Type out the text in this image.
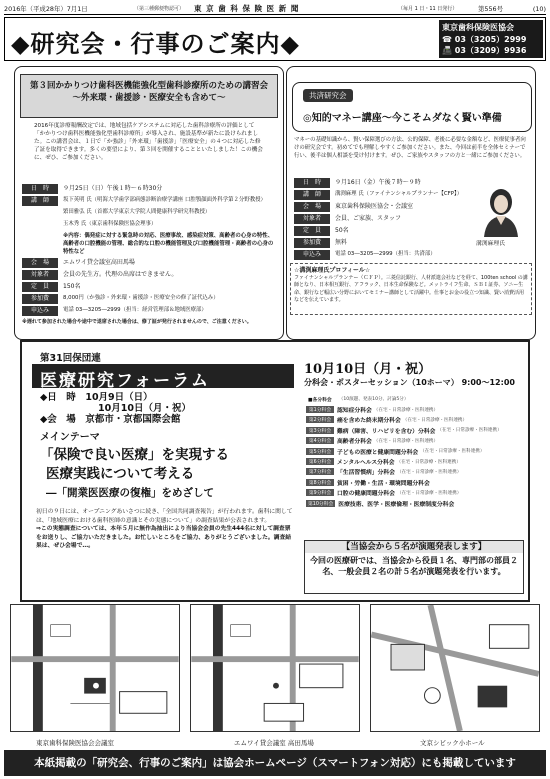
2016年（平成28年）7月1日	（第三種郵便物認可）	東 京 歯 科 保 険 医 新 聞	（毎月 1 日・11 日発行）	第556号	(10)
◆研究会・行事のご案内◆
東京歯科保険医協会
☎ 03（3205）2999
📠 03（3209）9936
第３回かかりつけ歯科医機能強化型歯科診療所のための講習会
～外来環・歯援診・医療安全も含めて～
2016年度診療報酬改定では、地域包括ケアシステムに対応した歯科診療所の評価として「かかりつけ歯科医機能強化型歯科診療所」が導入され、施設基準が新たに設けられました。この講習会は、１日で「か強診」「外来環」「歯援診」「医療安全」の４つに対応した修了証を取得できます。多くの要望により、第３回を開催することといたしました！この機会に、ぜひ、ご参加ください。
日　時	９月25日（日）午後１時～６時30分
講　師	坂下英明 氏（明海大学歯学部病態診断治療学講座 口腔顎顔面外科学第２分野教授）
繁田雅弘 氏（首都大学東京大学院人間健康科学研究科教授）
玉木秀 氏（東京歯科保険医協会理事）
※内容：偶発症に対する緊急時の対応、医療事故、感染症対策、高齢者の心身の特性、高齢者の口腔機能の管理、総合的な口腔の機能管理及び口腔機能管理・高齢者の心身の特性など
会　場	エムワイ貸会議室高田馬場
対象者	会員の先生方。代理の出席はできません。
定　員	150名
参加費	8,000円（か強診・外来環・歯援診・医療安全の修了証代込み）
申込み	電話 03―3205―2999（担当：経営管理部＆地域医療部）
※遅れて参加された場合や途中で退席された場合は、修了証が発行されませんので、ご注意ください。
共済研究会
◎知的マネー講座～今こそムダなく賢い準備
マネーの基礎知識から、賢い保障選びの方法、公的保障、老後に必要な金額など、医療従事者向けの研究会です。初めてでも理解しやすくご参加ください。また、今回は前半を全体セミナーで行い、後半は個人相談を受け付けます。ぜひ、ご家族やスタッフの方と一緒にご参加ください。
日　時	９月16日（金）午後７時～９時
講　師	溝渕麻理 氏（ファイナンシャルプランナー【CFP】）
会　場	東京歯科保険医協会・会議室
対象者	会員、ご家族、スタッフ
定　員	50名
参加費	無料
申込み	電話 03―3205―2999（担当：共済部）
溝渕麻理氏
☆溝渕麻理氏プロフィール☆
ファイナンシャルプランナー（ＣＦＰ）。三菱信託銀行、人材派遣会社などを経て、100ten school の講師となり、日本相互銀行、アフラック、日本生命保険など。メットライフ生命、ＳＢＩ証券、ソニー生命、銀行など幅広い分野においてセミナー講師として活躍中。仕事とお金の役立つ知識、賢い消費活用などを伝えています。
第31回保団連
医療研究フォーラム
◆日　時　 10月9日（日）
10月10日（月・祝）
◆会　場　 京都市・京都国際会館
メインテーマ
「保険で良い医療」を実現する
医療実践について考える
―「開業医医療の復権」をめざして
初日の９日には、オープニングあいさつに続き、「全国共同調査報告」が行われます。歯科に関しては、「地域医療における歯科医師の意識とその実態について」の調査結果が公表されます。
⇒この実態調査については、本年５月に無作為抽出により当協会会員の先生444名に対して調査票をお送りし、ご協力いただきました。お忙しいところをご協力、ありがとうございました。調査結果は、ぜひ会場で…。
10月10日（月・祝）
分科会・ポスターセッション（10ホーマ） 9:00～12:00
■各分科会	（10演題、発表10分、討論5分）
第1分科会	認知症分科会 （在宅・日常診療・医科連携）
第2分科会	癌を含めた終末期分科会 （在宅・日常診療・医科連携）
第3分科会	難病（障害、リハビリを含む）分科会 （在宅・日常診療・医科連携）
第4分科会	高齢者分科会 （在宅・日常診療・医科連携）
第5分科会	子どもの医療と健康問題分科会 （在宅・日常診療・医科連携）
第6分科会	メンタルヘルス分科会 （在宅・日常診療・医科連携）
第7分科会	「生活習慣病」分科会 （在宅・日常診療・医科連携）
第8分科会	貧困・労働・生活・環境問題分科会
第9分科会	口腔の健康問題分科会 （在宅・日常診療・医科連携）
第10分科会 医療技術、医学・医療倫理・医療制度分科会
【当協会から５名が演題発表します】
今回の医療研では、当協会から役員１名、専門部の部員２名、一般会員２名の計５名が演題発表を行います。
東京歯科保険医協会会議室	エムワイ貸会議室 高田馬場	文京シビック小ホール
本紙掲載の「研究会、行事のご案内」は協会ホームページ（スマートフォン対応）にも掲載しています
